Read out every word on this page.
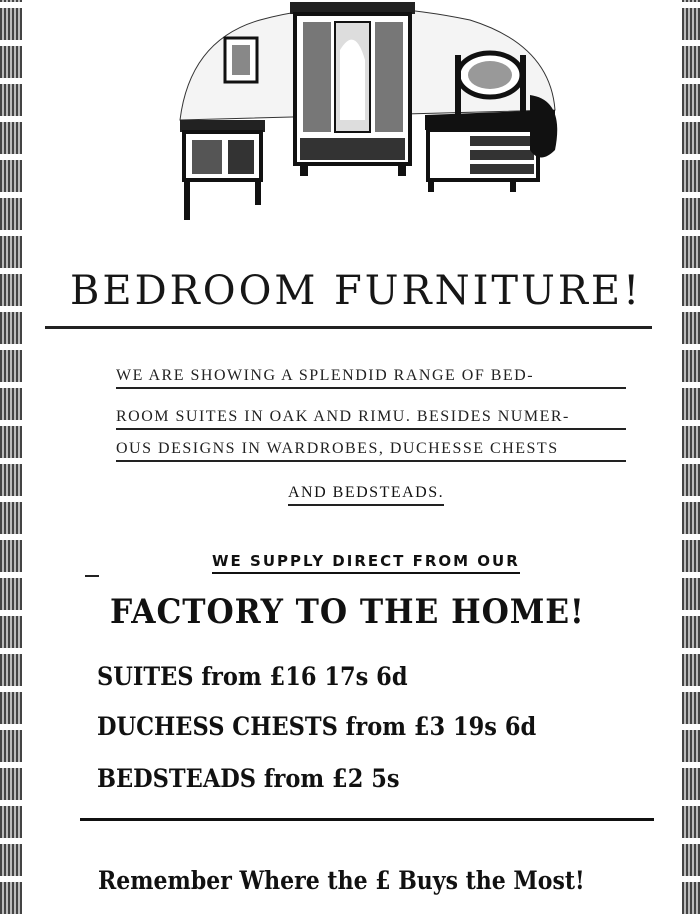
BEDROOM FURNITURE!
WE ARE SHOWING A SPLENDID RANGE OF BED-
ROOM SUITES IN OAK AND RIMU. BESIDES NUMER-
OUS DESIGNS IN WARDROBES, DUCHESSE CHESTS
AND BEDSTEADS.
WE SUPPLY DIRECT FROM OUR
FACTORY TO THE HOME!
SUITES from £16 17s 6d
DUCHESS CHESTS from £3 19s 6d
BEDSTEADS from £2 5s
Remember Where the £ Buys the Most!
